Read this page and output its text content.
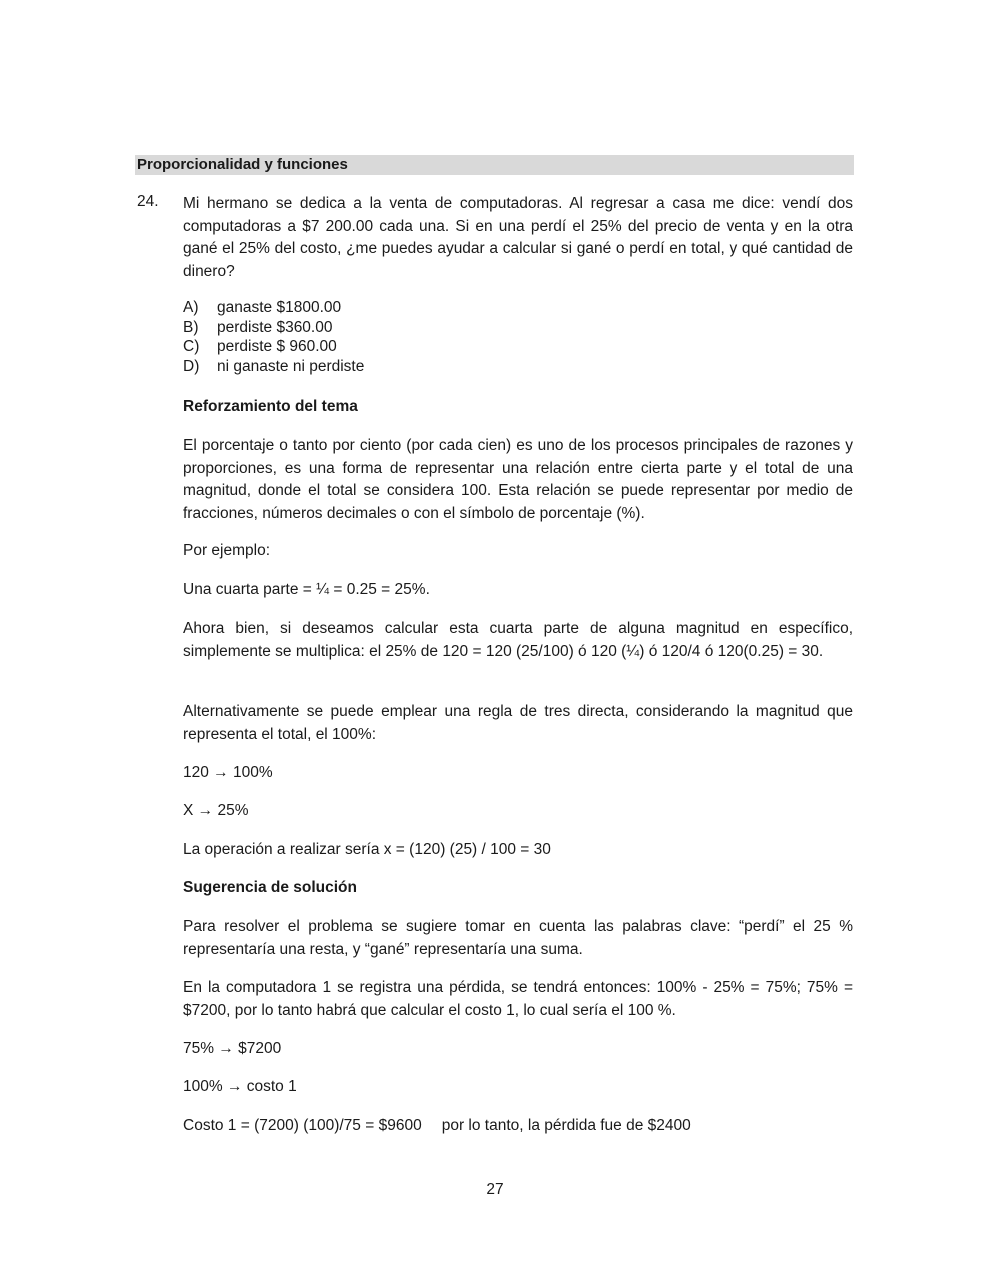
Proporcionalidad y funciones
24. Mi hermano se dedica a la venta de computadoras. Al regresar a casa me dice: vendí dos computadoras a $7 200.00 cada una. Si en una perdí el 25% del precio de venta y en la otra gané el 25% del costo, ¿me puedes ayudar a calcular si gané o perdí en total, y qué cantidad de dinero?
A)	ganaste $1800.00
B)	perdiste $360.00
C)	perdiste $ 960.00
D)	ni ganaste ni perdiste
Reforzamiento del tema
El porcentaje o tanto por ciento (por cada cien) es uno de los procesos principales de razones y proporciones, es una forma de representar una relación entre cierta parte y el total de una magnitud, donde el total se considera 100. Esta relación se puede representar por medio de fracciones, números decimales o con el símbolo de porcentaje (%).
Por ejemplo:
Una cuarta parte = ¼ = 0.25 = 25%.
Ahora bien, si deseamos calcular esta cuarta parte de alguna magnitud en específico, simplemente se multiplica: el 25% de 120 = 120 (25/100) ó 120 (¼) ó 120/4 ó 120(0.25) = 30.
Alternativamente se puede emplear una regla de tres directa, considerando la magnitud que representa el total, el 100%:
120 → 100%
X → 25%
La operación a realizar sería x = (120) (25) / 100 = 30
Sugerencia de solución
Para resolver el problema se sugiere tomar en cuenta las palabras clave: “perdí” el 25 % representaría una resta, y “gané” representaría una suma.
En la computadora 1 se registra una pérdida, se tendrá entonces: 100% - 25% = 75%; 75% = $7200, por lo tanto habrá que calcular el costo 1, lo cual sería el 100 %.
75% → $7200
100% → costo 1
Costo 1 = (7200) (100)/75 = $9600 por lo tanto, la pérdida fue de $2400
27
